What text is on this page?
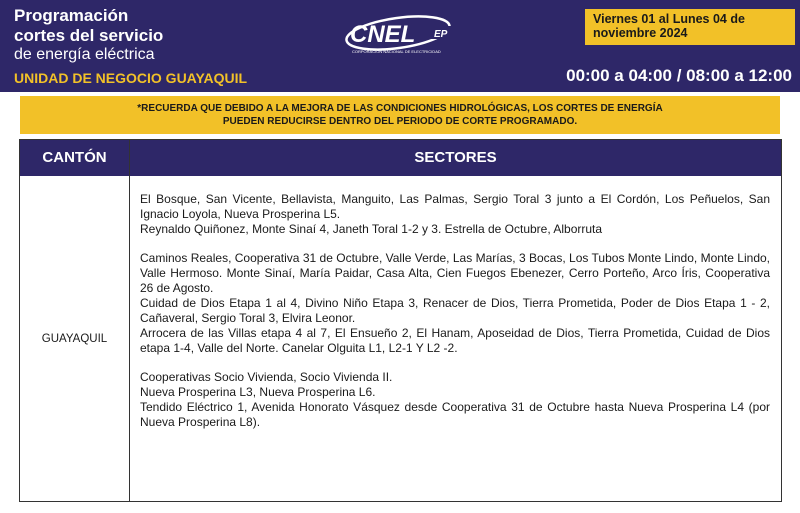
Programación
cortes del servicio
de energía eléctrica
UNIDAD DE NEGOCIO GUAYAQUIL
CNEL EP
CORPORACIÓN NACIONAL DE ELECTRICIDAD
Viernes 01 al Lunes 04 de
noviembre 2024
00:00 a 04:00 / 08:00 a 12:00
*RECUERDA QUE DEBIDO A LA MEJORA DE LAS CONDICIONES HIDROLÓGICAS, LOS CORTES DE ENERGÍA
PUEDEN REDUCIRSE DENTRO DEL PERIODO DE CORTE PROGRAMADO.
CANTÓN	SECTORES
GUAYAQUIL

El Bosque, San Vicente, Bellavista, Manguito, Las Palmas, Sergio Toral 3 junto a El Cordón, Los Peñuelos, San Ignacio Loyola, Nueva Prosperina L5.

Reynaldo Quiñonez, Monte Sinaí 4, Janeth Toral 1-2 y 3. Estrella de Octubre, Alborruta

Caminos Reales, Cooperativa 31 de Octubre, Valle Verde, Las Marías, 3 Bocas, Los Tubos Monte Lindo, Monte Lindo, Valle Hermoso. Monte Sinaí, María Paidar, Casa Alta, Cien Fuegos Ebenezer, Cerro Porteño, Arco Íris, Cooperativa 26 de Agosto.

Cuidad de Dios Etapa 1 al 4, Divino Niño Etapa 3, Renacer de Dios, Tierra Prometida, Poder de Dios Etapa 1 - 2, Cañaveral, Sergio Toral 3, Elvira Leonor.

Arrocera de las Villas etapa 4 al 7, El Ensueño 2, El Hanam, Aposeidad de Dios, Tierra Prometida, Cuidad de Dios etapa 1-4, Valle del Norte. Canelar Olguita L1, L2-1 Y L2 -2.

Cooperativas Socio Vivienda, Socio Vivienda II.

Nueva Prosperina L3, Nueva Prosperina L6.

Tendido Eléctrico 1, Avenida Honorato Vásquez desde Cooperativa 31 de Octubre hasta Nueva Prosperina L4 (por Nueva Prosperina L8).
